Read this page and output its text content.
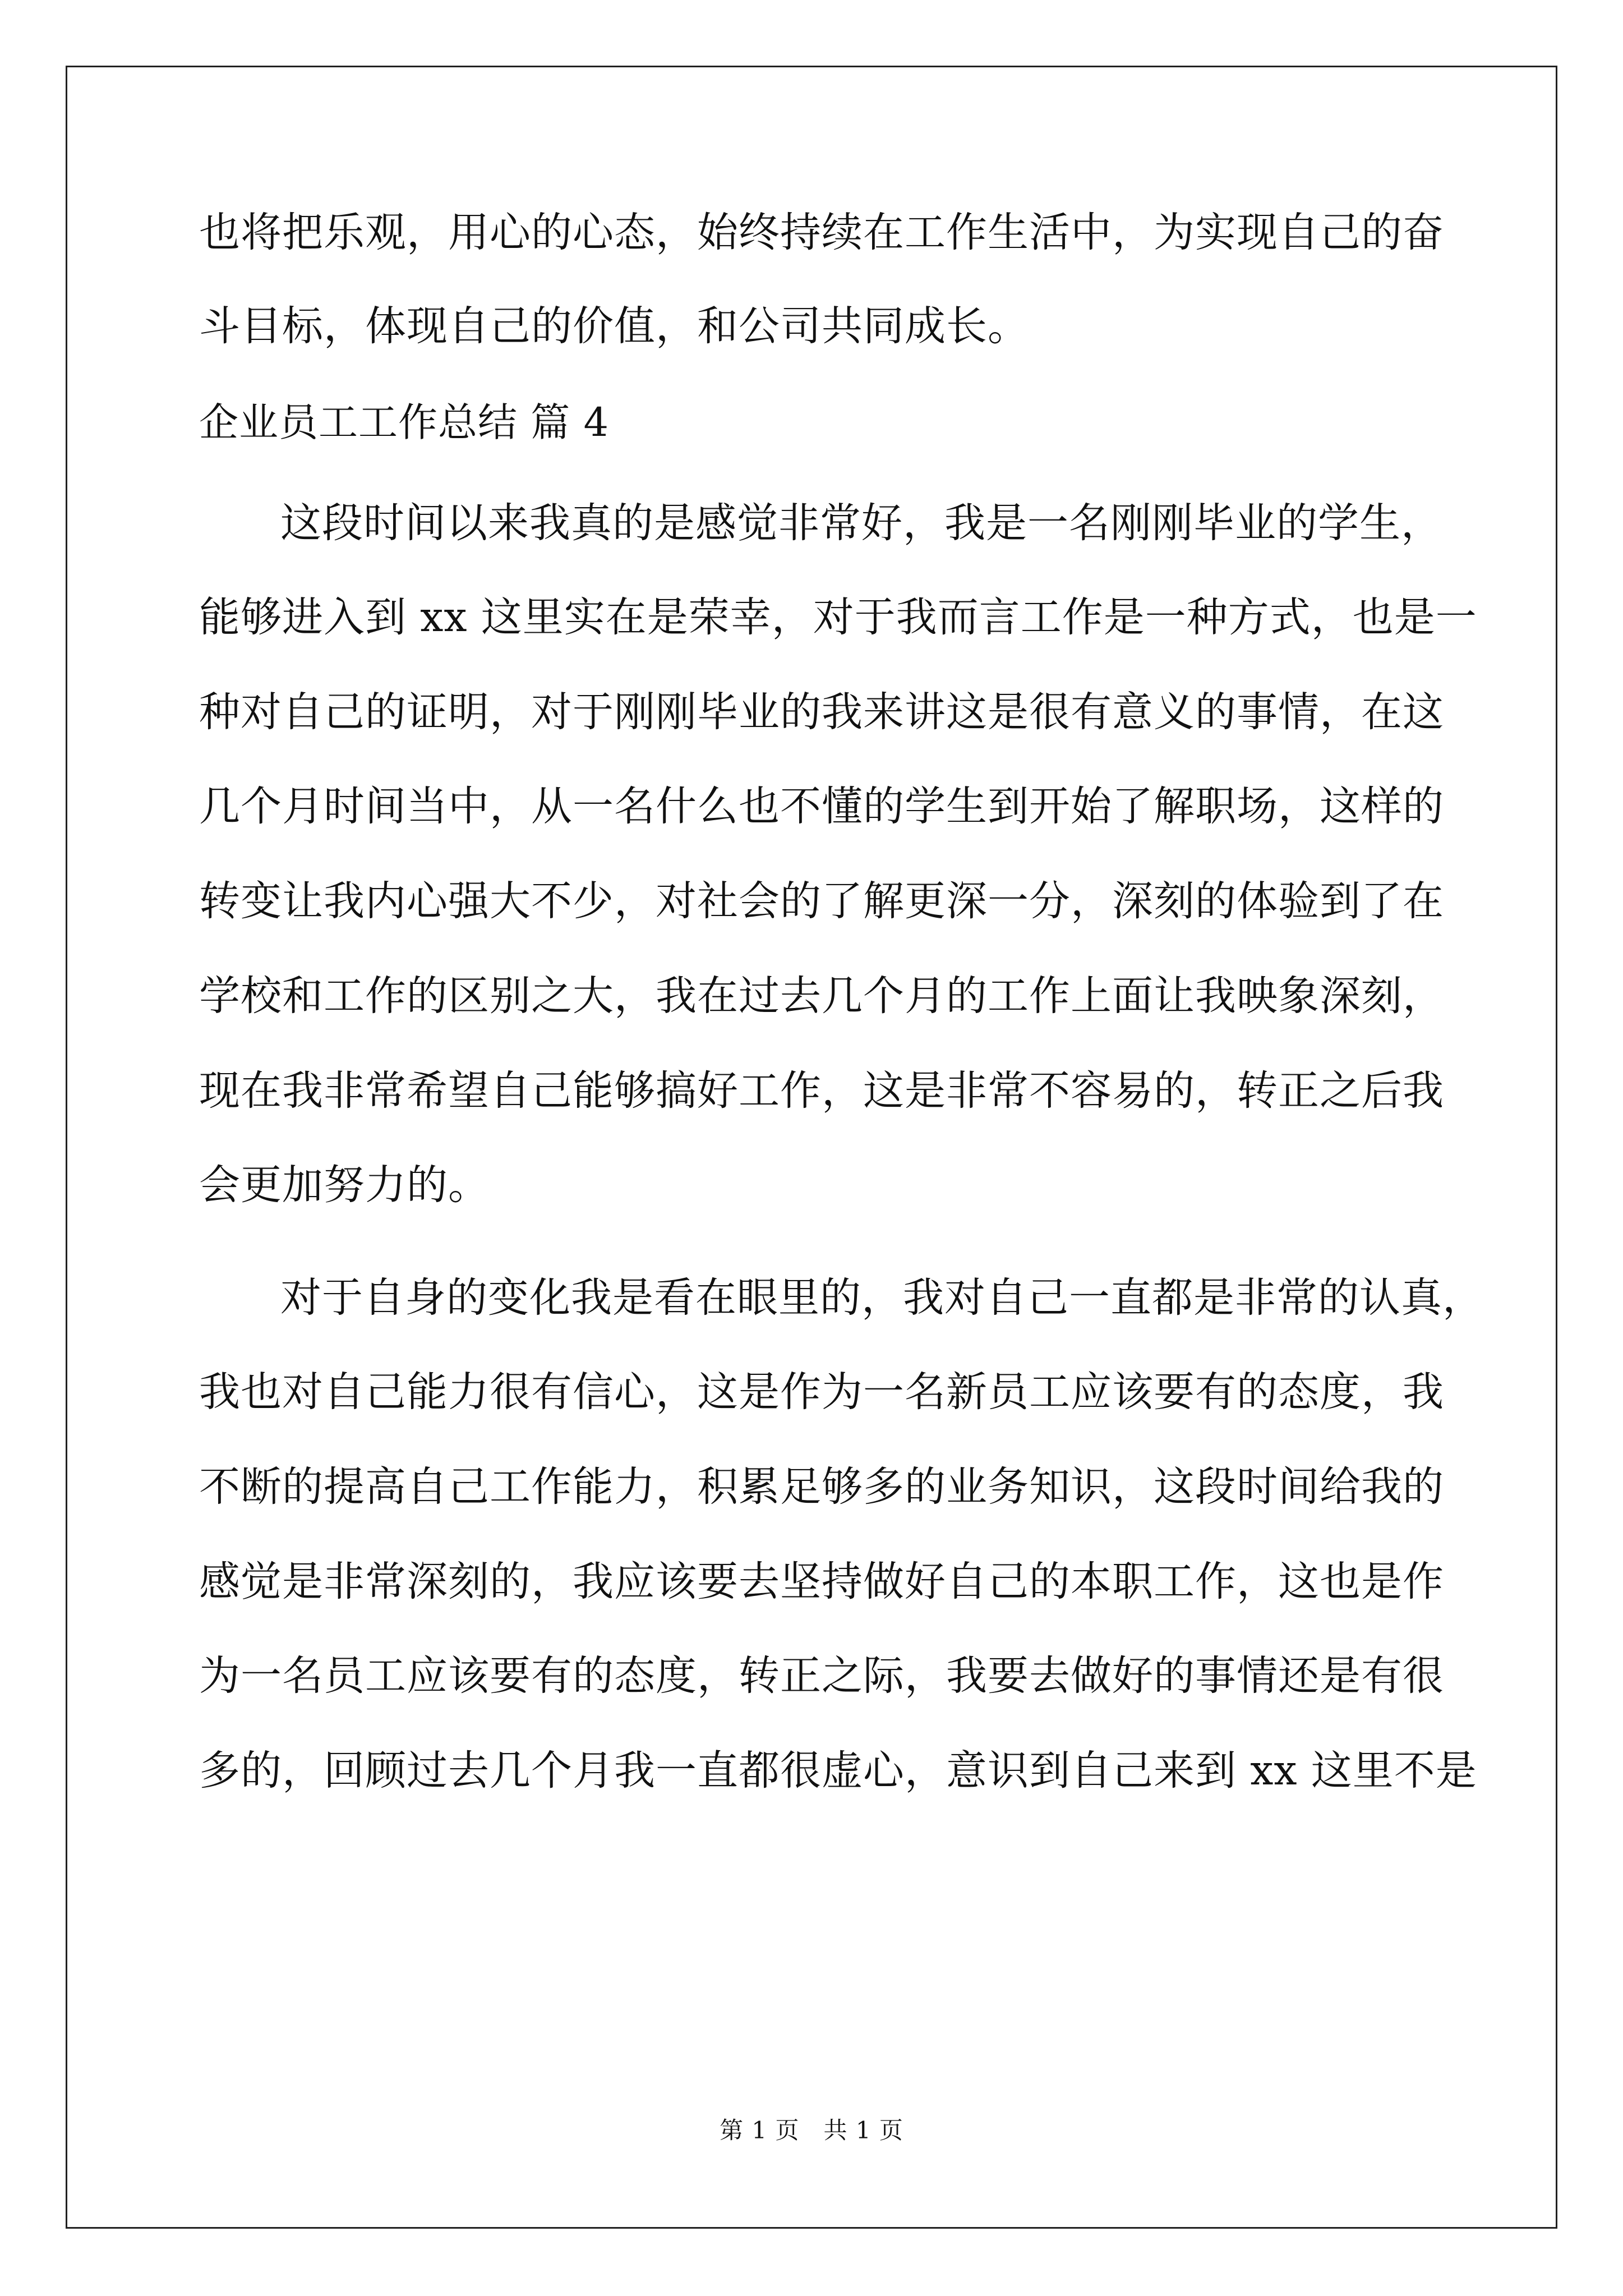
也将把乐观，用心的心态，始终持续在工作生活中，为实现自己的奋
斗目标，体现自己的价值，和公司共同成长。
企业员工工作总结 篇 4
这段时间以来我真的是感觉非常好，我是一名刚刚毕业的学生，
能够进入到 xx 这里实在是荣幸，对于我而言工作是一种方式，也是一
种对自己的证明，对于刚刚毕业的我来讲这是很有意义的事情，在这
几个月时间当中，从一名什么也不懂的学生到开始了解职场，这样的
转变让我内心强大不少，对社会的了解更深一分，深刻的体验到了在
学校和工作的区别之大，我在过去几个月的工作上面让我映象深刻，
现在我非常希望自己能够搞好工作，这是非常不容易的，转正之后我
会更加努力的。
对于自身的变化我是看在眼里的，我对自己一直都是非常的认真，
我也对自己能力很有信心，这是作为一名新员工应该要有的态度，我
不断的提高自己工作能力，积累足够多的业务知识，这段时间给我的
感觉是非常深刻的，我应该要去坚持做好自己的本职工作，这也是作
为一名员工应该要有的态度，转正之际，我要去做好的事情还是有很
多的，回顾过去几个月我一直都很虚心，意识到自己来到 xx 这里不是
第 1 页　共 1 页
